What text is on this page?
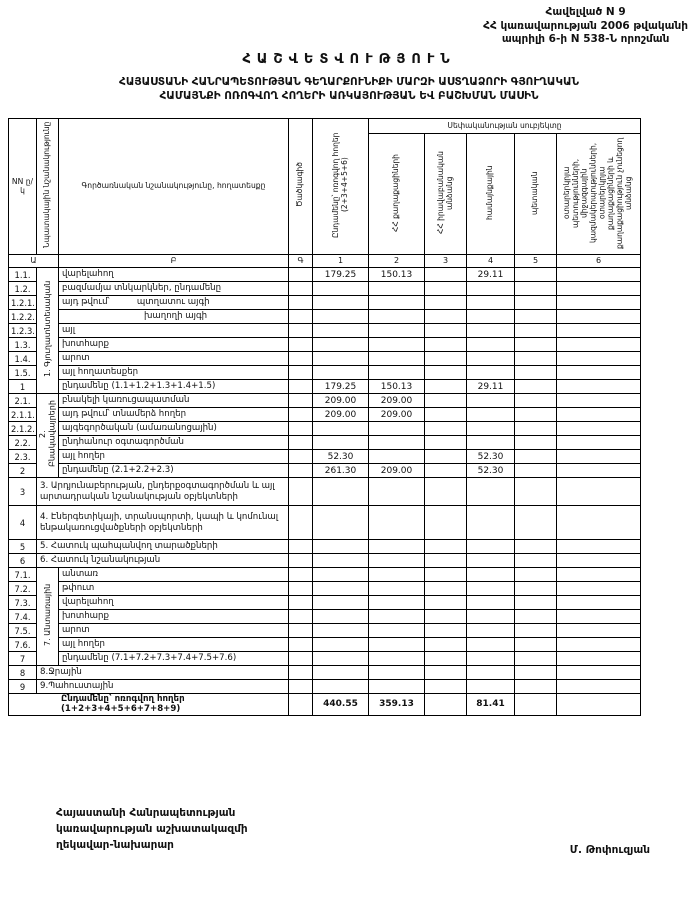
Հավելված N 9
ՀՀ կառավարության 2006 թվականի
ապրիլի 6-ի N 538-Ն որոշման
ՀԱՇՎԵՏՎՈՒԹՅՈՒՆ
ՀԱՅԱՍՏԱՆԻ ՀԱՆՐԱՊԵՏՈՒԹՅԱՆ ԳԵՂԱՐՔՈՒՆԻՔԻ ՄԱՐԶԻ ԱՍՏՂԱՁՈՐԻ ԳՅՈՒՂԱԿԱՆ
ՀԱՄԱՅՆՔԻ ՈՌՈԳՎՈՂ ՀՈՂԵՐԻ ԱՌԿԱՅՈՒԹՅԱՆ ԵՎ ԲԱՇԽՄԱՆ ՄԱՍԻՆ
NN ը/կ	Նպատակային նշանակությունը	Գործառնական նշանակությունը, հողատեսքը	Ծածկագիծ	Ընդամենը՝ ոռոգվող հողեր (2+3+4+5+6)	Սեփականության սուբյեկտը				
					ՀՀ քաղաքացիների	ՀՀ իրավաբանական անձանց	համայնքային	պետական	օտարերկրյա պետությունների, միջազգային կազմակերպությունների, օտարերկրյա քաղաքացիների և քաղաքացիություն չունեցող անձանց
Ա		Բ	Գ	1	2	3	4	5	6
1.1.	1. Գյուղատնտեսական	վարելահող		179.25	150.13		29.11		
1.2.		բազմամյա տնկարկներ, ընդամենը							
1.2.1.		այդ թվում՝          պտղատու այգի							
1.2.2.		խաղողի այգի							
1.2.3.		այլ							
1.3.		խոտհարք							
1.4.		արոտ							
1.5.		այլ հողատեսքեր							
1		ընդամենը (1.1+1.2+1.3+1.4+1.5)		179.25	150.13		29.11		
2.1.	2. Բնակավայրերի	բնակելի կառուցապատման		209.00	209.00				
2.1.1.		այդ թվում՝ տնամերձ հողեր		209.00	209.00				
2.1.2.		այգեգործական (ամառանոցային)							
2.2.		ընդհանուր օգտագործման							
2.3.		այլ հողեր		52.30			52.30		
2		ընդամենը (2.1+2.2+2.3)		261.30	209.00		52.30		
3	3. Արդյունաբերության, ընդերքօգտագործման և այլ արտադրական նշանակության օբյեկտների								
4	4. Էներգետիկայի, տրանսպորտի, կապի և կոմունալ ենթակառուցվածքների օբյեկտների								
5	5. Հատուկ պահպանվող տարածքների								
6	6. Հատուկ նշանակության								
7.1.	7. Անտառային	անտառ							
7.2.		թփուտ							
7.3.		վարելահող							
7.4.		խոտհարք							
7.5.		արոտ							
7.6.		այլ հողեր							
7		ընդամենը (7.1+7.2+7.3+7.4+7.5+7.6)							
8	8.Ջրային								
9	9.Պահուստային								
Ընդամենը՝ ոռոգվող հողեր (1+2+3+4+5+6+7+8+9)				440.55	359.13		81.41		
Հայաստանի Հանրապետության
կառավարության աշխատակազմի
ղեկավար-նախարար	Մ. Թոփուզյան
